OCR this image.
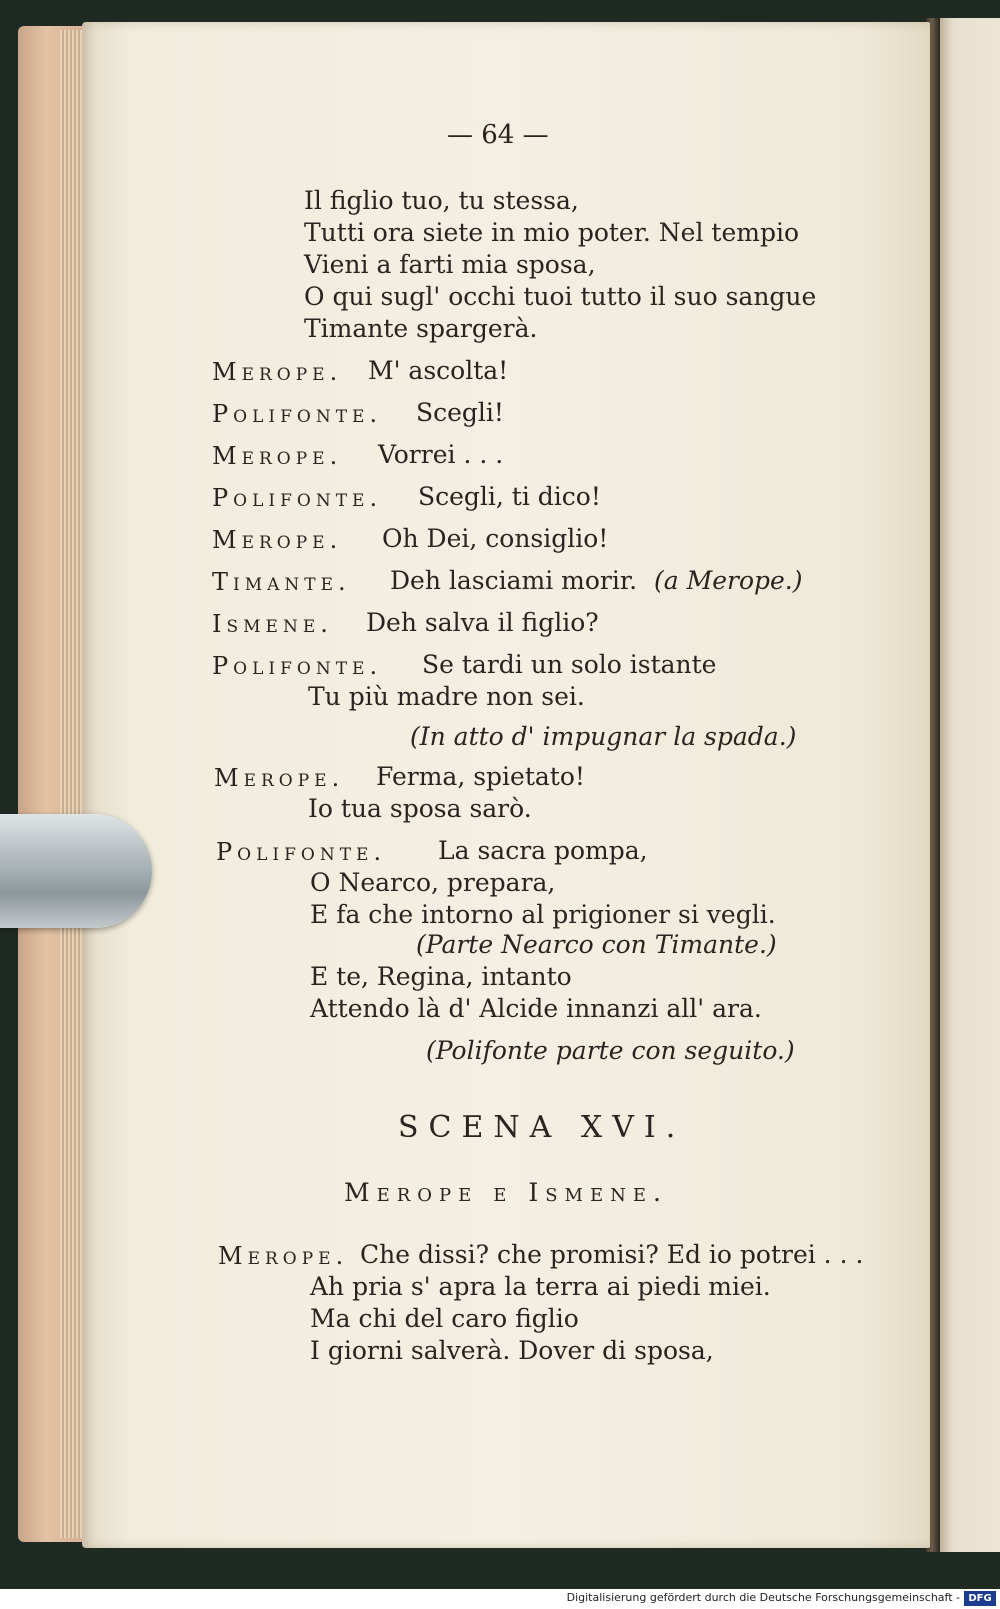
— 64 —
Il figlio tuo, tu stessa,
Tutti ora siete in mio poter. Nel tempio
Vieni a farti mia sposa,
O qui sugl' occhi tuoi tutto il suo sangue
Timante spargerà.
Merope. M' ascolta!
Polifonte. Scegli!
Merope. Vorrei . . .
Polifonte. Scegli, ti dico!
Merope. Oh Dei, consiglio!
Timante. Deh lasciami morir. (a Merope.)
Ismene. Deh salva il figlio?
Polifonte. Se tardi un solo istante
Tu più madre non sei.
(In atto d' impugnar la spada.)
Merope. Ferma, spietato!
Io tua sposa sarò.
Polifonte. La sacra pompa,
O Nearco, prepara,
E fa che intorno al prigioner si vegli.
(Parte Nearco con Timante.)
E te, Regina, intanto
Attendo là d' Alcide innanzi all' ara.
(Polifonte parte con seguito.)
SCENA XVI.
Merope e Ismene.
Merope. Che dissi? che promisi? Ed io potrei . . .
Ah pria s' apra la terra ai piedi miei.
Ma chi del caro figlio
I giorni salverà. Dover di sposa,
Digitalisierung gefördert durch die Deutsche Forschungsgemeinschaft - DFG
